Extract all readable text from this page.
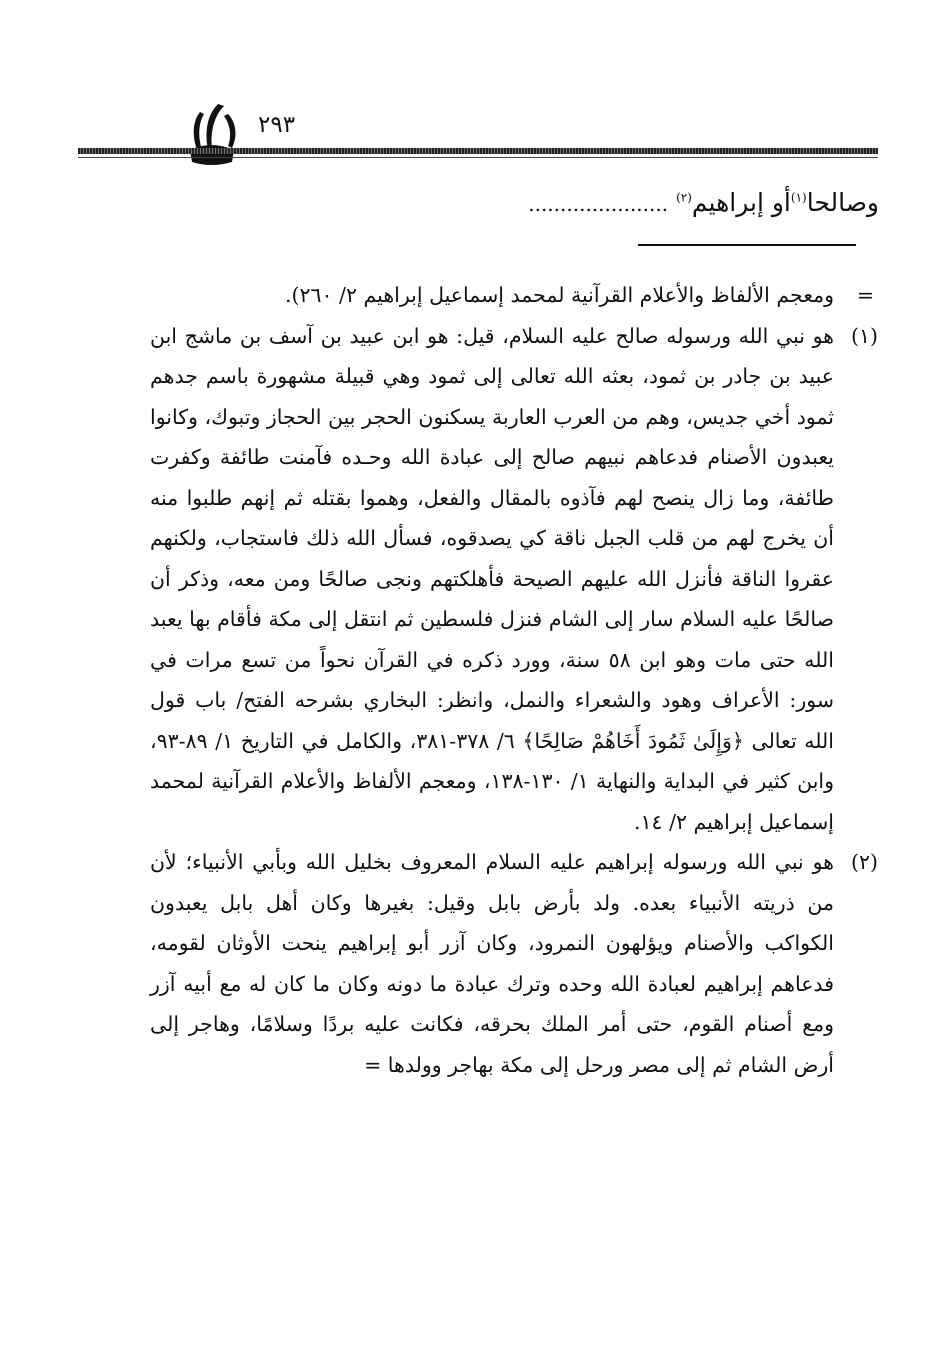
٢٩٣
وصالحا$^{(١)}$أو إبراهيم$^{(٢)}$ ......................
=

ومعجم الألفاظ والأعلام القرآنية لمحمد إسماعيل إبراهيم ٢/ ٢٦٠).

(١)

هو نبي الله ورسوله صالح عليه السلام، قيل: هو ابن عبيد بن آسف بن ماشج ابن عبيد بن جادر بن ثمود، بعثه الله تعالى إلى ثمود وهي قبيلة مشهورة باسم جدهم ثمود أخي جديس، وهم من العرب العاربة يسكنون الحجر بين الحجاز وتبوك، وكانوا يعبدون الأصنام فدعاهم نبيهم صالح إلى عبادة الله وحـده فآمنت طائفة وكفرت طائفة، وما زال ينصح لهم فآذوه بالمقال والفعل، وهموا بقتله ثم إنهم طلبوا منه أن يخرج لهم من قلب الجبل ناقة كي يصدقوه، فسأل الله ذلك فاستجاب، ولكنهم عقروا الناقة فأنزل الله عليهم الصيحة فأهلكتهم ونجى صالحًا ومن معه، وذكر أن صالحًا عليه السلام سار إلى الشام فنزل فلسطين ثم انتقل إلى مكة فأقام بها يعبد الله حتى مات وهو ابن ٥٨ سنة، وورد ذكره في القرآن نحواً من تسع مرات في سور: الأعراف وهود والشعراء والنمل، وانظر: البخاري بشرحه الفتح/ باب قول الله تعالى ﴿وَإِلَىٰ ثَمُودَ أَخَاهُمْ صَالِحًا﴾ ٦/ ٣٧٨-٣٨١، والكامل في التاريخ ١/ ٨٩-٩٣، وابن كثير في البداية والنهاية ١/ ١٣٠-١٣٨، ومعجم الألفاظ والأعلام القرآنية لمحمد إسماعيل إبراهيم ٢/ ١٤.

(٢)

هو نبي الله ورسوله إبراهيم عليه السلام المعروف بخليل الله وبأبي الأنبياء؛ لأن من ذريته الأنبياء بعده. ولد بأرض بابل وقيل: بغيرها وكان أهل بابل يعبدون الكواكب والأصنام ويؤلهون النمرود، وكان آزر أبو إبراهيم ينحت الأوثان لقومه، فدعاهم إبراهيم لعبادة الله وحده وترك عبادة ما دونه وكان ما كان له مع أبيه آزر ومع أصنام القوم، حتى أمر الملك بحرقه، فكانت عليه بردًا وسلامًا، وهاجر إلى أرض الشام ثم إلى مصر ورحل إلى مكة بهاجر وولدها =
